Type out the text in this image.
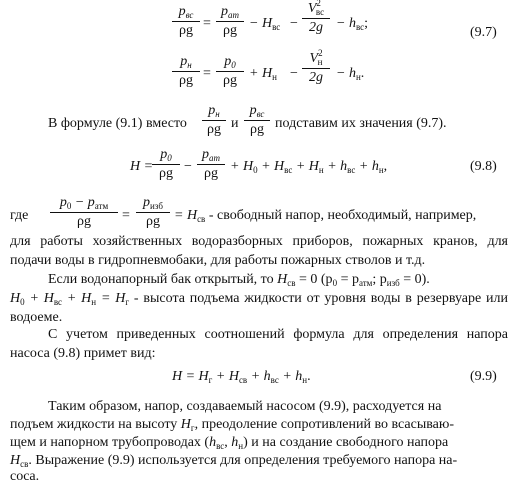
$p_{вс}$
ρg =
$p_{ат}$
$\rho g - H_{вс}$ −
$V^2_{вс}$
$2g - h_{вс}$;
$p_н$
$\rho g = \frac{p_0}{\rho g} + H_н$ −
$V^2_н$
$2g - h_н$.
(9.7)
В формуле (9.1) вместо
$p_н$
ρg и
$p_{вс}$
ρg подставим их значения (9.7).
H =
$\frac{p_0}{\rho g}$ −
$p_{ат}$
$\rho g + H_0 + H_{вс} + H_н + h_{вс} + h_н$,	(9.8)
где
$p_0 - p_{атм}$
ρg	=
$p_{изб}$
ρg	= $H_{св}$ - свободный напор, необходимый, например,
для работы хозяйственных водоразборных приборов, пожарных кранов, для подачи воды в гидропневмобаки, для работы пожарных стволов и т.д.
Если водонапорный бак открытый, то $H_{св} = 0$ ($p_0 = p_{атм}$; $p_{изб} = 0$).
$H_0 + H_{вс} + H_н = H_г$ - высота подъема жидкости от уровня воды в резервуаре или водоеме.
С учетом приведенных соотношений формула для определения напора насоса (9.8) примет вид:
$H = H_г + H_{св} + h_{вс} + h_н$.	(9.9)
Таким образом, напор, создаваемый насосом (9.9), расходуется на
подъем жидкости на высоту $H_г$, преодоление сопротивлений во всасываю-
щем и напорном трубопроводах ($h_{вс}$, $h_н$) и на создание свободного напора
$H_{св}$. Выражение (9.9) используется для определения требуемого напора на-
coca.
